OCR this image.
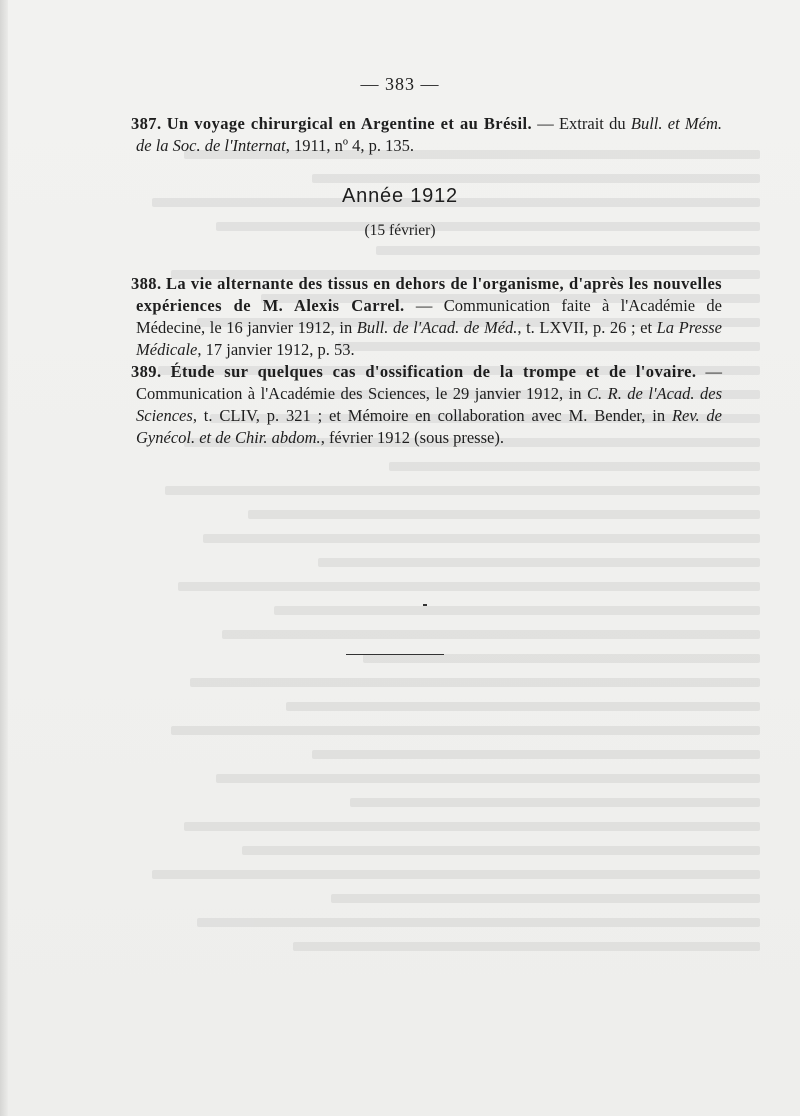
— 383 —
387. Un voyage chirurgical en Argentine et au Brésil. — Extrait du Bull. et Mém. de la Soc. de l'Internat, 1911, nº 4, p. 135.
Année 1912
(15 février)
388. La vie alternante des tissus en dehors de l'organisme, d'après les nouvelles expériences de M. Alexis Carrel. — Communication faite à l'Académie de Médecine, le 16 janvier 1912, in Bull. de l'Acad. de Méd., t. LXVII, p. 26 ; et La Presse Médicale, 17 janvier 1912, p. 53.
389. Étude sur quelques cas d'ossification de la trompe et de l'ovaire. — Communication à l'Académie des Sciences, le 29 janvier 1912, in C. R. de l'Acad. des Sciences, t. CLIV, p. 321 ; et Mémoire en collaboration avec M. Bender, in Rev. de Gynécol. et de Chir. abdom., février 1912 (sous presse).
